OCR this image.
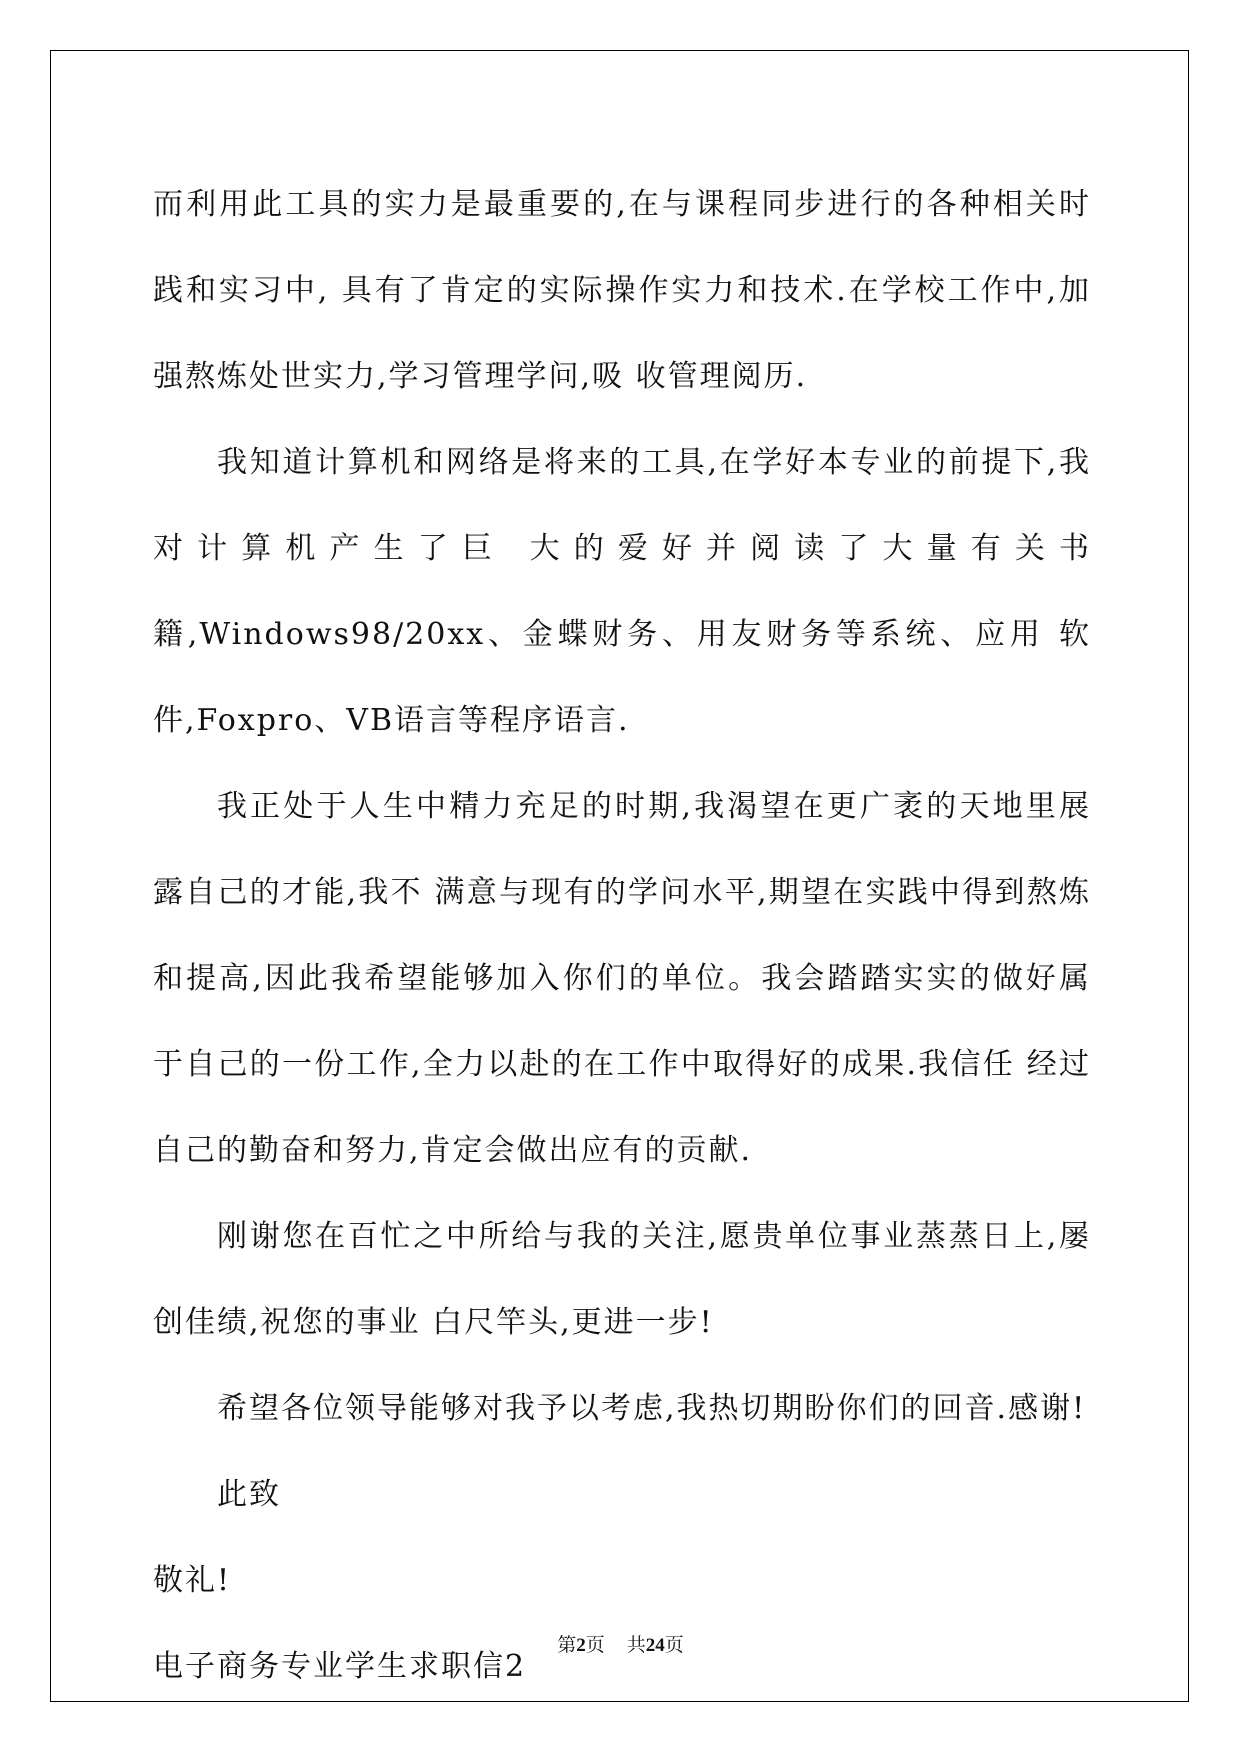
而利用此工具的实力是最重要的,在与课程同步进行的各种相关时践和实习中, 具有了肯定的实际操作实力和技术.在学校工作中,加强熬炼处世实力,学习管理学问,吸 收管理阅历.

我知道计算机和网络是将来的工具,在学好本专业的前提下,我对计算机产生了巨 大的爱好并阅读了大量有关书籍,Windows98/20xx、金蝶财务、用友财务等系统、应用 软件,Foxpro、VB语言等程序语言.

我正处于人生中精力充足的时期,我渴望在更广袤的天地里展露自己的才能,我不 满意与现有的学问水平,期望在实践中得到熬炼和提高,因此我希望能够加入你们的单位。我会踏踏实实的做好属于自己的一份工作,全力以赴的在工作中取得好的成果.我信任 经过自己的勤奋和努力,肯定会做出应有的贡献.

刚谢您在百忙之中所给与我的关注,愿贵单位事业蒸蒸日上,屡创佳绩,祝您的事业 白尺竿头,更进一步!

希望各位领导能够对我予以考虑,我热切期盼你们的回音.感谢!

此致

敬礼!

电子商务专业学生求职信2

第2页 共24页
